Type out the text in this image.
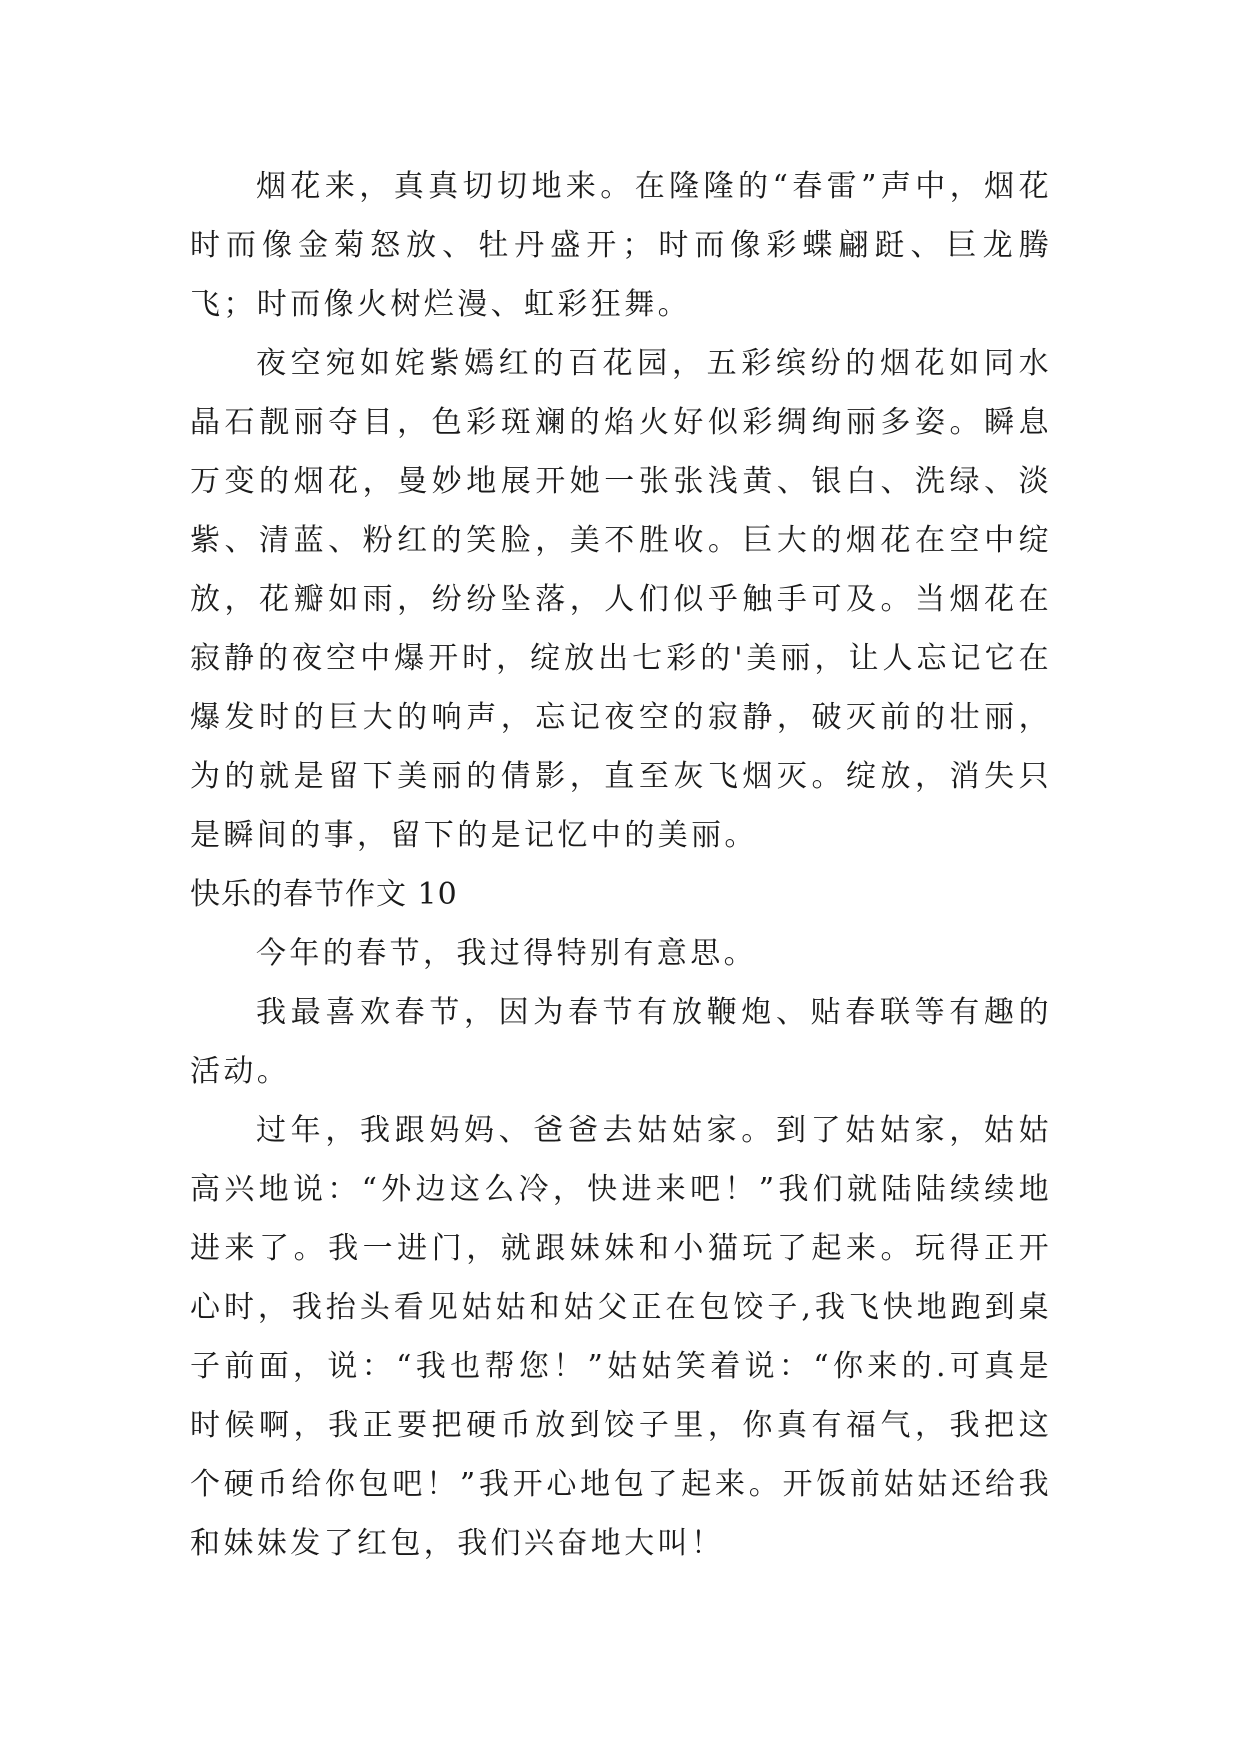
烟花来，真真切切地来。在隆隆的“春雷”声中，烟花时而像金菊怒放、牡丹盛开；时而像彩蝶翩跹、巨龙腾飞；时而像火树烂漫、虹彩狂舞。

夜空宛如姹紫嫣红的百花园，五彩缤纷的烟花如同水晶石靓丽夺目，色彩斑斓的焰火好似彩绸绚丽多姿。瞬息万变的烟花，曼妙地展开她一张张浅黄、银白、洗绿、淡紫、清蓝、粉红的笑脸，美不胜收。巨大的烟花在空中绽放，花瓣如雨，纷纷坠落，人们似乎触手可及。当烟花在寂静的夜空中爆开时，绽放出七彩的'美丽，让人忘记它在爆发时的巨大的响声，忘记夜空的寂静，破灭前的壮丽，为的就是留下美丽的倩影，直至灰飞烟灭。绽放，消失只是瞬间的事，留下的是记忆中的美丽。

快乐的春节作文 10

今年的春节，我过得特别有意思。

我最喜欢春节，因为春节有放鞭炮、贴春联等有趣的活动。

过年，我跟妈妈、爸爸去姑姑家。到了姑姑家，姑姑高兴地说：“外边这么冷，快进来吧！”我们就陆陆续续地进来了。我一进门，就跟妹妹和小猫玩了起来。玩得正开心时，我抬头看见姑姑和姑父正在包饺子,我飞快地跑到桌子前面，说：“我也帮您！”姑姑笑着说：“你来的.可真是时候啊，我正要把硬币放到饺子里，你真有福气，我把这个硬币给你包吧！”我开心地包了起来。开饭前姑姑还给我和妹妹发了红包，我们兴奋地大叫！
